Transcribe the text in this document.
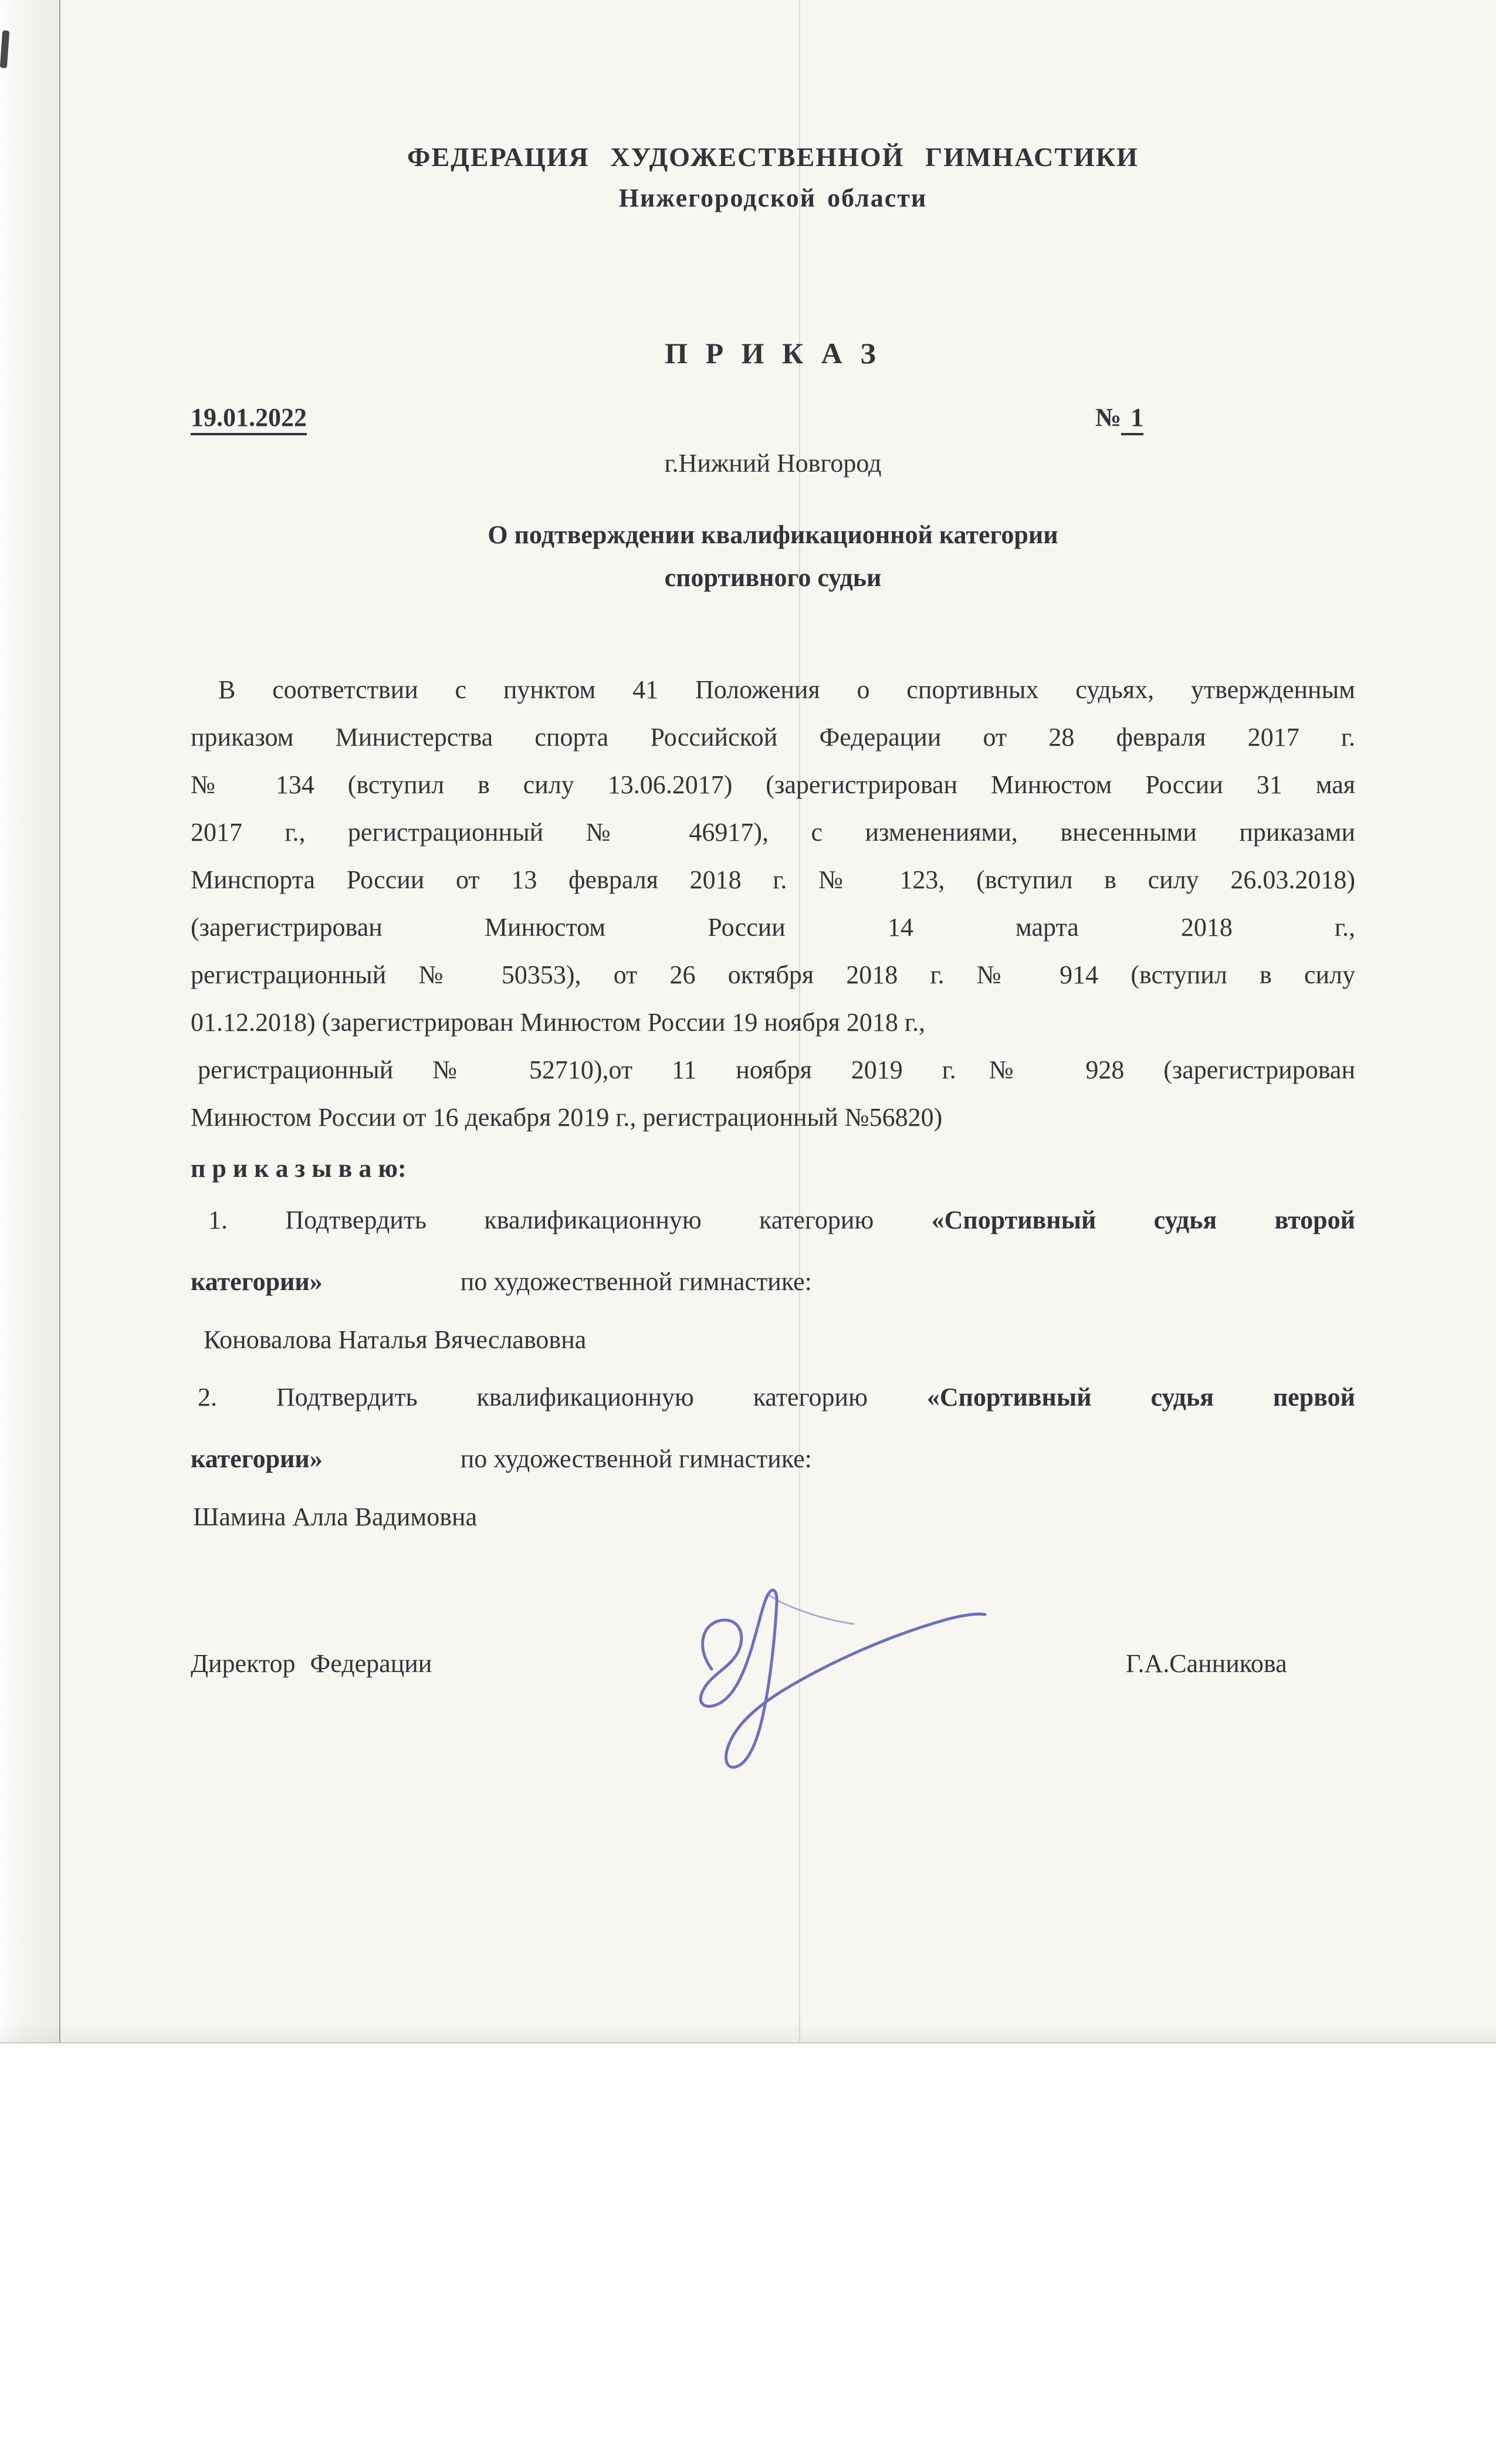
ФЕДЕРАЦИЯ ХУДОЖЕСТВЕННОЙ ГИМНАСТИКИ
Нижегородской области
П Р И К А З
19.01.2022	№ 1
г.Нижний Новгород
О подтверждении квалификационной категории
спортивного судьи
В соответствии с пунктом 41 Положения о спортивных судьях, утвержденным
приказом Министерства спорта Российской Федерации от 28 февраля 2017 г.
№ 134 (вступил в силу 13.06.2017) (зарегистрирован Минюстом России 31 мая
2017 г., регистрационный № 46917), с изменениями, внесенными приказами
Минспорта России от 13 февраля 2018 г. № 123, (вступил в силу 26.03.2018)
(зарегистрирован Минюстом России 14 марта 2018 г.,
регистрационный № 50353), от 26 октября 2018 г. № 914 (вступил в силу
01.12.2018) (зарегистрирован Минюстом России 19 ноября 2018 г.,
регистрационный № 52710),от 11 ноября 2019 г.№ 928 (зарегистрирован
Минюстом России от 16 декабря 2019 г., регистрационный №56820)
п р и к а з ы в а ю:
1. Подтвердить квалификационную категорию «Спортивный судья второй
категории»	по художественной гимнастике:
Коновалова Наталья Вячеславовна
2. Подтвердить квалификационную категорию «Спортивный судья первой
категории»	по художественной гимнастике:
Шамина Алла Вадимовна
Директор Федерации	Г.А.Санникова
